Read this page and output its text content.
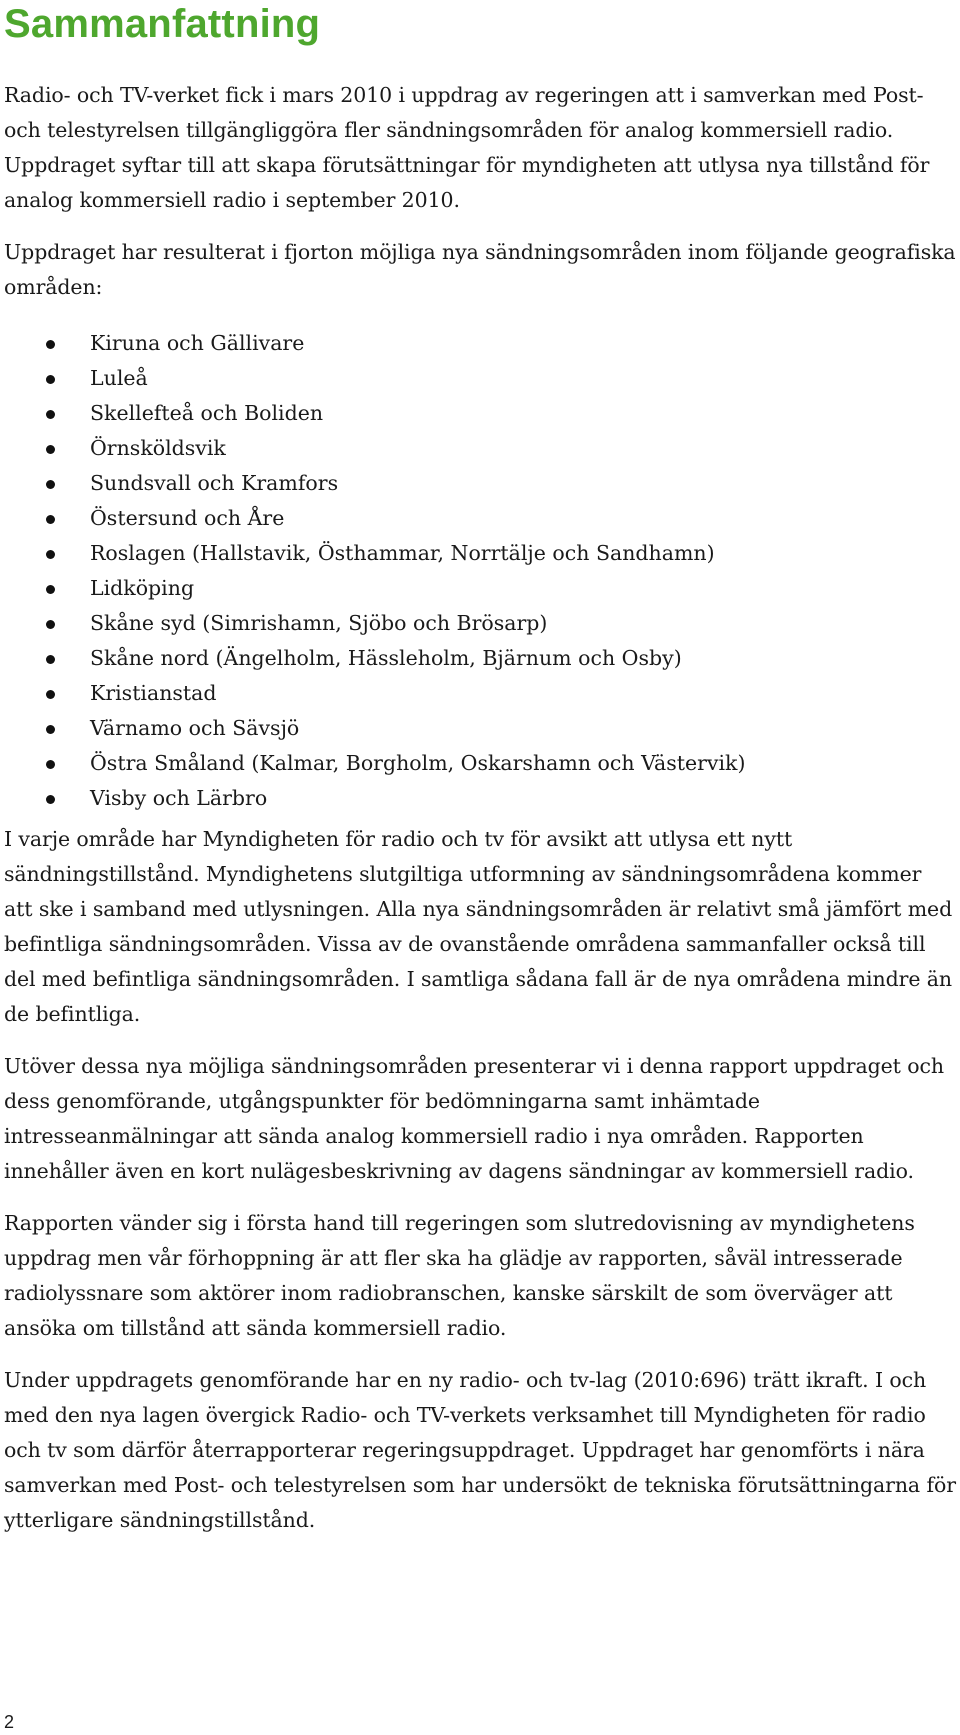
Sammanfattning

Radio- och TV-verket fick i mars 2010 i uppdrag av regeringen att i samverkan med Post- och telestyrelsen tillgängliggöra fler sändningsområden för analog kommersiell radio. Uppdraget syftar till att skapa förutsättningar för myndigheten att utlysa nya tillstånd för analog kommersiell radio i september 2010.

Uppdraget har resulterat i fjorton möjliga nya sändningsområden inom följande geografiska områden:

Kiruna och Gällivare
Luleå
Skellefteå och Boliden
Örnsköldsvik
Sundsvall och Kramfors
Östersund och Åre
Roslagen (Hallstavik, Östhammar, Norrtälje och Sandhamn)
Lidköping
Skåne syd (Simrishamn, Sjöbo och Brösarp)
Skåne nord (Ängelholm, Hässleholm, Bjärnum och Osby)
Kristianstad
Värnamo och Sävsjö
Östra Småland (Kalmar, Borgholm, Oskarshamn och Västervik)
Visby och Lärbro

I varje område har Myndigheten för radio och tv för avsikt att utlysa ett nytt sändningstillstånd. Myndighetens slutgiltiga utformning av sändningsområdena kommer att ske i samband med utlysningen. Alla nya sändningsområden är relativt små jämfört med befintliga sändningsområden. Vissa av de ovanstående områdena sammanfaller också till del med befintliga sändningsområden. I samtliga sådana fall är de nya områdena mindre än de befintliga.

Utöver dessa nya möjliga sändningsområden presenterar vi i denna rapport uppdraget och dess genomförande, utgångspunkter för bedömningarna samt inhämtade intresseanmälningar att sända analog kommersiell radio i nya områden. Rapporten innehåller även en kort nulägesbeskrivning av dagens sändningar av kommersiell radio.

Rapporten vänder sig i första hand till regeringen som slutredovisning av myndighetens uppdrag men vår förhoppning är att fler ska ha glädje av rapporten, såväl intresserade radiolyssnare som aktörer inom radiobranschen, kanske särskilt de som överväger att ansöka om tillstånd att sända kommersiell radio.

Under uppdragets genomförande har en ny radio- och tv-lag (2010:696) trätt ikraft. I och med den nya lagen övergick Radio- och TV-verkets verksamhet till Myndigheten för radio och tv som därför återrapporterar regeringsuppdraget. Uppdraget har genomförts i nära samverkan med Post- och telestyrelsen som har undersökt de tekniska förutsättningarna för ytterligare sändningstillstånd.

2
